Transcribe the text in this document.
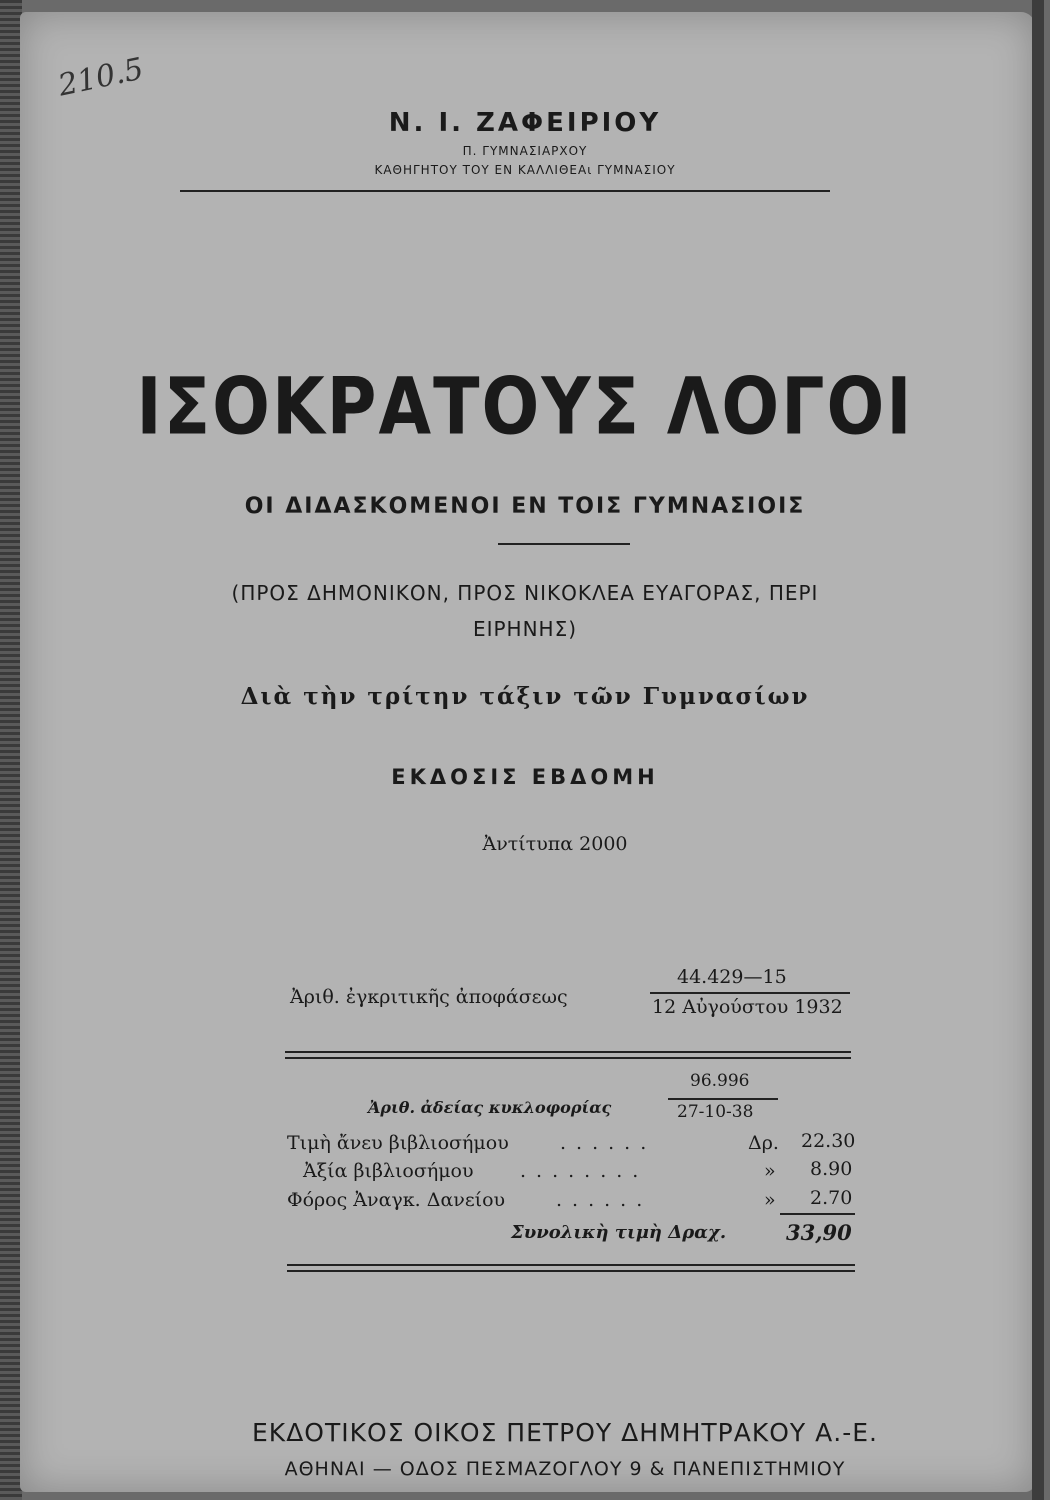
210.5
Ν. Ι. ΖΑΦΕΙΡΙΟΥ
Π. ΓΥΜΝΑΣΙΑΡΧΟΥ
ΚΑΘΗΓΗΤΟΥ ΤΟΥ ΕΝ ΚΑΛΛΙΘΕΑι ΓΥΜΝΑΣΙΟΥ
ΙΣΟΚΡΑΤΟΥΣ ΛΟΓΟΙ
ΟΙ ΔΙΔΑΣΚΟΜΕΝΟΙ ΕΝ ΤΟΙΣ ΓΥΜΝΑΣΙΟΙΣ
(ΠΡΟΣ ΔΗΜΟΝΙΚΟΝ, ΠΡΟΣ ΝΙΚΟΚΛΕΑ ΕΥΑΓΟΡΑΣ, ΠΕΡΙ
ΕΙΡΗΝΗΣ)
Διὰ τὴν τρίτην τάξιν τῶν Γυμνασίων
ΕΚΔΟΣΙΣ ΕΒΔΟΜΗ
Ἀντίτυπα 2000
Ἀριθ. ἐγκριτικῆς ἀποφάσεως
44.429—15
12 Αὐγούστου 1932
96.996
Ἀριθ. ἀδείας κυκλοφορίας	27-10-38
Τιμὴ ἄνευ βιβλιοσήμου	......	Δρ. 22.30
Ἀξία βιβλιοσήμου ........	» 8.90
Φόρος Ἀναγκ. Δανείου	......	» 2.70
Συνολικὴ τιμὴ Δραχ.	33,90
ΕΚΔΟΤΙΚΟΣ ΟΙΚΟΣ ΠΕΤΡΟΥ ΔΗΜΗΤΡΑΚΟΥ Α.-Ε.
ΑΘΗΝΑΙ — ΟΔΟΣ ΠΕΣΜΑΖΟΓΛΟΥ 9 & ΠΑΝΕΠΙΣΤΗΜΙΟΥ
